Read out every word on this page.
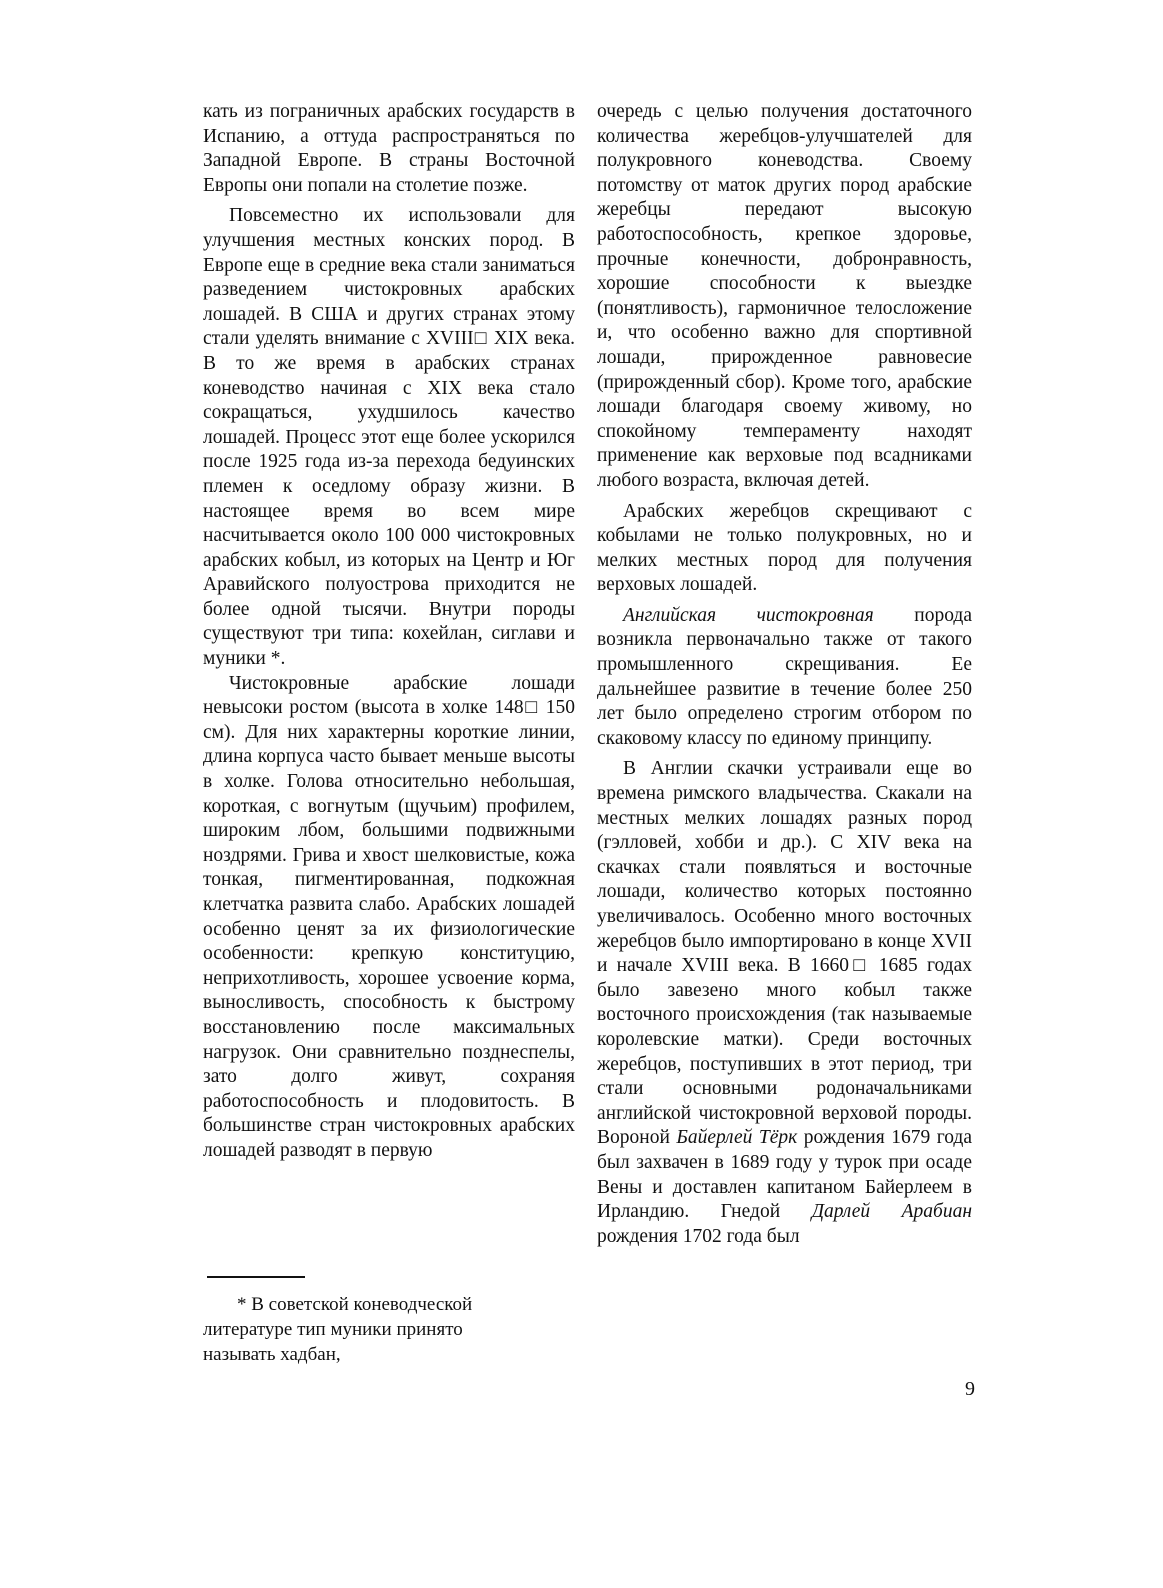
кать из пограничных арабских государств в Испанию, а оттуда распространяться по Западной Европе. В страны Восточной Европы они попали на столетие позже.

Повсеместно их использовали для улучшения местных конских пород. В Европе еще в средние века стали заниматься разведением чистокровных арабских лошадей. В США и других странах этому стали уделять внимание с XVIII□ XIX века. В то же время в арабских странах коневодство начиная с XIX века стало сокращаться, ухудшилось качество лошадей. Процесс этот еще более ускорился после 1925 года из-за перехода бедуинских племен к оседлому образу жизни. В настоящее время во всем мире насчитывается около 100 000 чистокровных арабских кобыл, из которых на Центр и Юг Аравийского полуострова приходится не более одной тысячи. Внутри породы существуют три типа: кохейлан, сиглави и муники *.

Чистокровные арабские лошади невысоки ростом (высота в холке 148□ 150 см). Для них характерны короткие линии, длина корпуса часто бывает меньше высоты в холке. Голова относительно небольшая, короткая, с вогнутым (щучьим) профилем, широким лбом, большими подвижными ноздрями. Грива и хвост шелковистые, кожа тонкая, пигментированная, подкожная клетчатка развита слабо. Арабских лошадей особенно ценят за их физиологические особенности: крепкую конституцию, неприхотливость, хорошее усвоение корма, выносливость, способность к быстрому восстановлению после максимальных нагрузок. Они сравнительно позднеспелы, зато долго живут, сохраняя работоспособность и плодовитость. В большинстве стран чистокровных арабских лошадей разводят в первую

* В советской коневодческой
литературе тип муники принято
называть хадбан,

очередь с целью получения достаточного количества жеребцов-улучшателей для полукровного коневодства. Своему потомству от маток других пород арабские жеребцы передают высокую работоспособность, крепкое здоровье, прочные конечности, добронравность, хорошие способности к выездке (понятливость), гармоничное телосложение и, что особенно важно для спортивной лошади, прирожденное равновесие (прирожденный сбор). Кроме того, арабские лошади благодаря своему живому, но спокойному темпераменту находят применение как верховые под всадниками любого возраста, включая детей.

Арабских жеребцов скрещивают с кобылами не только полукровных, но и мелких местных пород для получения верховых лошадей.

Английская чистокровная порода возникла первоначально также от такого промышленного скрещивания. Ее дальнейшее развитие в течение более 250 лет было определено строгим отбором по скаковому классу по единому принципу.

В Англии скачки устраивали еще во времена римского владычества. Скакали на местных мелких лошадях разных пород (гэлловей, хобби и др.). С XIV века на скачках стали появляться и восточные лошади, количество которых постоянно увеличивалось. Особенно много восточных жеребцов было импортировано в конце XVII и начале XVIII века. В 1660□ 1685 годах было завезено много кобыл также восточного происхождения (так называемые королевские матки). Среди восточных жеребцов, поступивших в этот период, три стали основными родоначальниками английской чистокровной верховой породы. Вороной Байерлей Тёрк рождения 1679 года был захвачен в 1689 году у турок при осаде Вены и доставлен капитаном Байерлеем в Ирландию. Гнедой Дарлей Арабиан рождения 1702 года был

9
